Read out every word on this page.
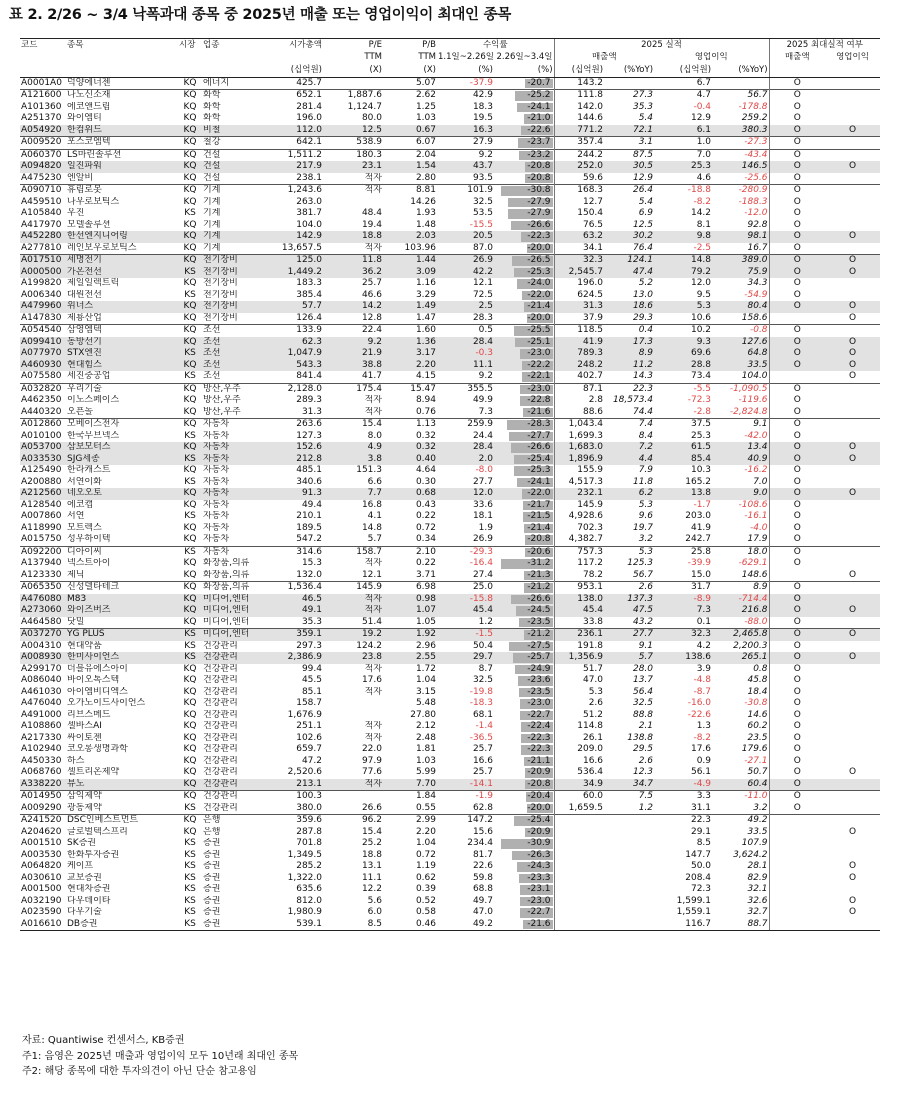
표 2. 2/26 ~ 3/4 낙폭과대 종목 중 2025년 매출 또는 영업이익이 최대인 종목
코드	종목	시장	업종	시가총액	P/E	P/B	수익률		2025 실적				2025 최대실적 여부	
					TTM	TTM	1.1일~2.26일	2.26일~3.4일	매출액		영업이익		매출액	영업이익
				(십억원)	(X)	(X)	(%)	(%)	(십억원)	(%YoY)	(십억원)	(%YoY)		
A0001A0	덕양에너젠	KQ	에너지	425.7		5.07	-37.9	-20.7	143.2		6.7		O	
A121600	나노신소재	KQ	화학	652.1	1,887.6	2.62	42.9	-25.2	111.8	27.3	4.7	56.7	O	
A101360	에코앤드림	KQ	화학	281.4	1,124.7	1.25	18.3	-24.1	142.0	35.3	-0.4	-178.8	O	
A251370	와이엠티	KQ	화학	196.0	80.0	1.03	19.5	-21.0	144.6	5.4	12.9	259.2	O	
A054920	한컴위드	KQ	비철	112.0	12.5	0.67	16.3	-22.6	771.2	72.1	6.1	380.3	O	O
A009520	포스코엠텍	KQ	철강	642.1	538.9	6.07	27.9	-23.7	357.4	3.1	1.0	-27.3	O	
A060370	LS마린솔루션	KQ	건설	1,511.2	180.3	2.04	9.2	-23.2	244.2	87.5	7.0	-43.4	O	
A094820	일진파워	KQ	건설	217.9	23.1	1.54	43.7	-20.8	252.0	30.5	25.3	146.5	O	O
A475230	엔알비	KQ	건설	238.1	적자	2.80	93.5	-20.8	59.6	12.9	4.6	-25.6	O	
A090710	휴림로봇	KQ	기계	1,243.6	적자	8.81	101.9	-30.8	168.3	26.4	-18.8	-280.9	O	
A459510	나우로보틱스	KQ	기계	263.0		14.26	32.5	-27.9	12.7	5.4	-8.2	-188.3	O	
A105840	우진	KS	기계	381.7	48.4	1.93	53.5	-27.9	150.4	6.9	14.2	-12.0	O	
A417970	모델솔루션	KQ	기계	104.0	19.4	1.48	-15.5	-26.6	76.5	12.5	8.1	92.8	O	
A452280	한선엔지니어링	KQ	기계	142.9	18.8	2.03	20.5	-22.3	63.2	30.2	9.8	98.1	O	O
A277810	레인보우로보틱스	KQ	기계	13,657.5	적자	103.96	87.0	-20.0	34.1	76.4	-2.5	16.7	O	
A017510	세명전기	KQ	전기장비	125.0	11.8	1.44	26.9	-26.5	32.3	124.1	14.8	389.0	O	O
A000500	가온전선	KS	전기장비	1,449.2	36.2	3.09	42.2	-25.3	2,545.7	47.4	79.2	75.9	O	O
A199820	제일일렉트릭	KQ	전기장비	183.3	25.7	1.16	12.1	-24.0	196.0	5.2	12.0	34.3	O	
A006340	대원전선	KS	전기장비	385.4	46.6	3.29	72.5	-22.0	624.5	13.0	9.5	-54.9	O	
A479960	위너스	KQ	전기장비	57.7	14.2	1.49	2.5	-21.4	31.3	18.6	5.3	80.4	O	O
A147830	제룡산업	KQ	전기장비	126.4	12.8	1.47	28.3	-20.0	37.9	29.3	10.6	158.6		O
A054540	삼영엠텍	KQ	조선	133.9	22.4	1.60	0.5	-25.5	118.5	0.4	10.2	-0.8	O	
A099410	동방선기	KQ	조선	62.3	9.2	1.36	28.4	-25.1	41.9	17.3	9.3	127.6	O	O
A077970	STX엔진	KS	조선	1,047.9	21.9	3.17	-0.3	-23.0	789.3	8.9	69.6	64.8	O	O
A460930	현대힘스	KQ	조선	543.3	38.8	2.20	11.1	-22.2	248.2	11.2	28.8	33.5	O	O
A075580	세진중공업	KS	조선	841.4	41.7	4.15	9.2	-22.1	402.7	14.3	73.4	104.0		O
A032820	우리기술	KQ	방산,우주	2,128.0	175.4	15.47	355.5	-23.0	87.1	22.3	-5.5	-1,090.5	O	
A462350	이노스페이스	KQ	방산,우주	289.3	적자	8.94	49.9	-22.8	2.8	18,573.4	-72.3	-119.6	O	
A440320	오픈놀	KQ	방산,우주	31.3	적자	0.76	7.3	-21.6	88.6	74.4	-2.8	-2,824.8	O	
A012860	모베이스전자	KQ	자동차	263.6	15.4	1.13	259.9	-28.3	1,043.4	7.4	37.5	9.1	O	
A010100	한국무브넥스	KS	자동차	127.3	8.0	0.32	24.4	-27.7	1,699.3	8.4	25.3	-42.0	O	
A053700	삼보모터스	KQ	자동차	152.6	4.9	0.32	28.4	-26.6	1,683.0	7.2	61.5	13.4	O	O
A033530	SJG세종	KS	자동차	212.8	3.8	0.40	2.0	-25.4	1,896.9	4.4	85.4	40.9	O	O
A125490	한라캐스트	KQ	자동차	485.1	151.3	4.64	-8.0	-25.3	155.9	7.9	10.3	-16.2	O	
A200880	서연이화	KS	자동차	340.6	6.6	0.30	27.7	-24.1	4,517.3	11.8	165.2	7.0	O	
A212560	네오오토	KQ	자동차	91.3	7.7	0.68	12.0	-22.0	232.1	6.2	13.8	9.0	O	O
A128540	에코캡	KQ	자동차	49.4	16.8	0.43	33.6	-21.7	145.9	5.3	-1.7	-108.6	O	
A007860	서연	KS	자동차	210.1	4.1	0.22	18.1	-21.5	4,928.6	9.6	203.0	-16.1	O	
A118990	모트렉스	KQ	자동차	189.5	14.8	0.72	1.9	-21.4	702.3	19.7	41.9	-4.0	O	
A015750	성우하이텍	KQ	자동차	547.2	5.7	0.34	26.9	-20.8	4,382.7	3.2	242.7	17.9	O	
A092200	디아이씨	KS	자동차	314.6	158.7	2.10	-29.3	-20.6	757.3	5.3	25.8	18.0	O	
A137940	넥스트아이	KQ	화장품,의류	15.3	적자	0.22	-16.4	-31.2	117.2	125.3	-39.9	-629.1	O	
A123330	제닉	KQ	화장품,의류	132.0	12.1	3.71	27.4	-21.3	78.2	56.7	15.0	148.6		O
A065350	신성델타테크	KQ	화장품,의류	1,536.4	145.9	6.98	25.0	-21.2	953.1	2.6	31.7	8.9	O	
A476080	M83	KQ	미디어,엔터	46.5	적자	0.98	-15.8	-26.6	138.0	137.3	-8.9	-714.4	O	
A273060	와이즈버즈	KQ	미디어,엔터	49.1	적자	1.07	45.4	-24.5	45.4	47.5	7.3	216.8	O	O
A464580	닷밀	KQ	미디어,엔터	35.3	51.4	1.05	1.2	-23.5	33.8	43.2	0.1	-88.0	O	
A037270	YG PLUS	KS	미디어,엔터	359.1	19.2	1.92	-1.5	-21.2	236.1	27.7	32.3	2,465.8	O	O
A004310	현대약품	KS	건강관리	297.3	124.2	2.96	50.4	-27.5	191.8	9.1	4.2	2,200.3	O	
A008930	한미사이언스	KS	건강관리	2,386.9	23.8	2.55	29.7	-25.7	1,356.9	5.7	138.6	265.1	O	O
A299170	더블유에스아이	KQ	건강관리	99.4	적자	1.72	8.7	-24.9	51.7	28.0	3.9	0.8	O	
A086040	바이오톡스텍	KQ	건강관리	45.5	17.6	1.04	32.5	-23.6	47.0	13.7	-4.8	45.8	O	
A461030	아이엠비디엑스	KQ	건강관리	85.1	적자	3.15	-19.8	-23.5	5.3	56.4	-8.7	18.4	O	
A476040	오가노이드사이언스	KQ	건강관리	158.7		5.48	-18.3	-23.0	2.6	32.5	-16.0	-30.8	O	
A491000	리브스메드	KQ	건강관리	1,676.9		27.80	68.1	-22.7	51.2	88.8	-22.6	14.6	O	
A108860	셀바스AI	KQ	건강관리	251.1	적자	2.12	-1.4	-22.4	114.8	2.1	1.3	60.2	O	
A217330	싸이토젠	KQ	건강관리	102.6	적자	2.48	-36.5	-22.3	26.1	138.8	-8.2	23.5	O	
A102940	코오롱생명과학	KQ	건강관리	659.7	22.0	1.81	25.7	-22.3	209.0	29.5	17.6	179.6	O	
A450330	하스	KQ	건강관리	47.2	97.9	1.03	16.6	-21.1	16.6	2.6	0.9	-27.1	O	
A068760	셀트리온제약	KQ	건강관리	2,520.6	77.6	5.99	25.7	-20.9	536.4	12.3	56.1	50.7	O	O
A338220	뷰노	KQ	건강관리	213.1	적자	7.70	-14.1	-20.8	34.9	34.7	-4.9	60.4	O	
A014950	삼익제약	KQ	건강관리	100.3		1.84	-1.9	-20.4	60.0	7.5	3.3	-11.0	O	
A009290	광동제약	KS	건강관리	380.0	26.6	0.55	62.8	-20.0	1,659.5	1.2	31.1	3.2	O	
A241520	DSC인베스트먼트	KQ	은행	359.6	96.2	2.99	147.2	-25.4			22.3	49.2		
A204620	글로벌텍스프리	KQ	은행	287.8	15.4	2.20	15.6	-20.9			29.1	33.5		O
A001510	SK증권	KS	증권	701.8	25.2	1.04	234.4	-30.9			8.5	107.9		
A003530	한화투자증권	KS	증권	1,349.5	18.8	0.72	81.7	-26.3			147.7	3,624.2		
A064820	케이프	KS	증권	285.2	13.1	1.19	22.6	-24.3			50.0	28.1		O
A030610	교보증권	KS	증권	1,322.0	11.1	0.62	59.8	-23.3			208.4	82.9		O
A001500	현대차증권	KS	증권	635.6	12.2	0.39	68.8	-23.1			72.3	32.1		
A032190	다우데이타	KS	증권	812.0	5.6	0.52	49.7	-23.0			1,599.1	32.6		O
A023590	다우기술	KS	증권	1,980.9	6.0	0.58	47.0	-22.7			1,559.1	32.7		O
A016610	DB증권	KS	증권	539.1	8.5	0.46	49.2	-21.6			116.7	88.7		
자료: Quantiwise 컨센서스, KB증권
주1: 음영은 2025년 매출과 영업이익 모두 10년래 최대인 종목
주2: 해당 종목에 대한 투자의견이 아닌 단순 참고용임
